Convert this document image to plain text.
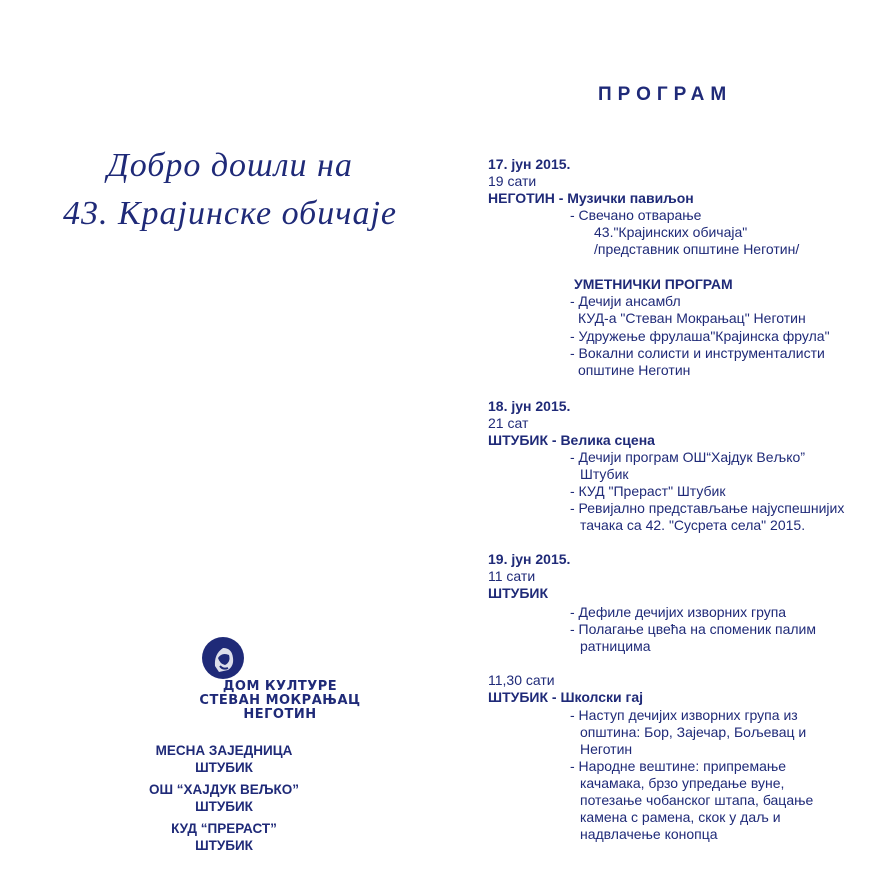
Добро дошли на
43. Крајинске обичаје
ДОМ КУЛТУРЕ
СТЕВАН МОКРАЊАЦ
НЕГОТИН
МЕСНА ЗАЈЕДНИЦА
ШТУБИК
ОШ “ХАЈДУК ВЕЉКО”
ШТУБИК
КУД “ПРЕРАСТ”
ШТУБИК
ПРОГРАМ
17. јун 2015.
19 сати
НЕГОТИН - Музички павиљон
- Свечано отварање
43."Крајинских обичаја"
/представник општине Неготин/
УМЕТНИЧКИ ПРОГРАМ
- Дечији ансамбл
КУД-а "Стеван Мокрањац" Неготин
- Удружење фрулаша"Крајинска фрула"
- Вокални солисти и инструменталисти
општине Неготин
18. јун 2015.
21 сат
ШТУБИК - Велика сцена
- Дечији програм ОШ“Хајдук Вељко”
Штубик
- КУД "Прераст" Штубик
- Ревијално представљање најуспешнијих
тачака са 42. "Сусрета села" 2015.
19. јун 2015.
11 сати
ШТУБИК
- Дефиле дечијих изворних група
- Полагање цвећа на споменик палим
ратницима
11,30 сати
ШТУБИК - Школски гај
- Наступ дечијих изворних група из
општина: Бор, Зајечар, Бољевац и
Неготин
- Народне вештине: припремање
качамака, брзо упредање вуне,
потезање чобанског штапа, бацање
камена с рамена, скок у даљ и
надвлачење конопца
